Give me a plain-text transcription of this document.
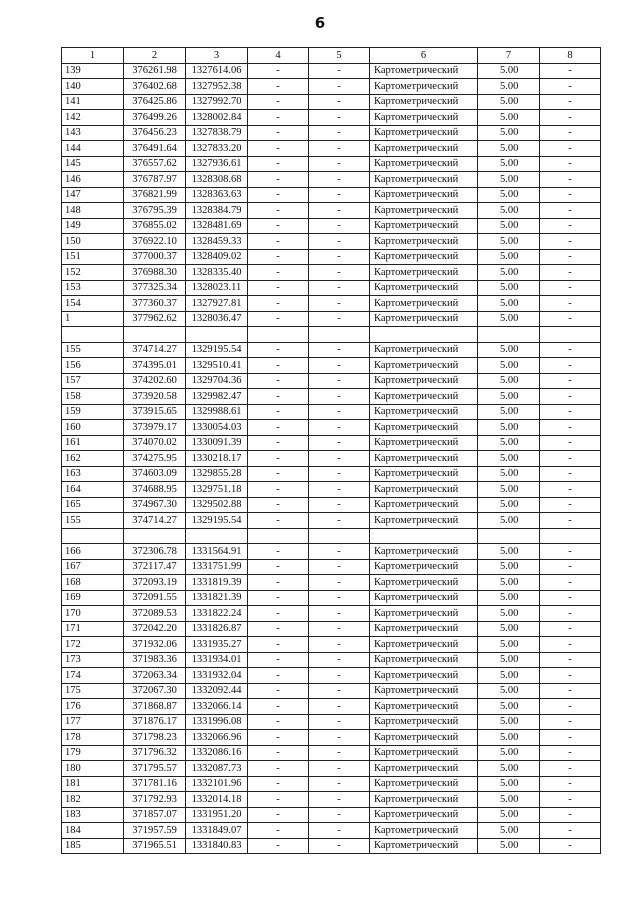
6
1	2	3	4	5	6	7	8
139	376261.98	1327614.06	-	-	Картометрический	5.00	-
140	376402.68	1327952.38	-	-	Картометрический	5.00	-
141	376425.86	1327992.70	-	-	Картометрический	5.00	-
142	376499.26	1328002.84	-	-	Картометрический	5.00	-
143	376456.23	1327838.79	-	-	Картометрический	5.00	-
144	376491.64	1327833.20	-	-	Картометрический	5.00	-
145	376557.62	1327936.61	-	-	Картометрический	5.00	-
146	376787.97	1328308.68	-	-	Картометрический	5.00	-
147	376821.99	1328363.63	-	-	Картометрический	5.00	-
148	376795.39	1328384.79	-	-	Картометрический	5.00	-
149	376855.02	1328481.69	-	-	Картометрический	5.00	-
150	376922.10	1328459.33	-	-	Картометрический	5.00	-
151	377000.37	1328409.02	-	-	Картометрический	5.00	-
152	376988.30	1328335.40	-	-	Картометрический	5.00	-
153	377325.34	1328023.11	-	-	Картометрический	5.00	-
154	377360.37	1327927.81	-	-	Картометрический	5.00	-
1	377962.62	1328036.47	-	-	Картометрический	5.00	-

155	374714.27	1329195.54	-	-	Картометрический	5.00	-
156	374395.01	1329510.41	-	-	Картометрический	5.00	-
157	374202.60	1329704.36	-	-	Картометрический	5.00	-
158	373920.58	1329982.47	-	-	Картометрический	5.00	-
159	373915.65	1329988.61	-	-	Картометрический	5.00	-
160	373979.17	1330054.03	-	-	Картометрический	5.00	-
161	374070.02	1330091.39	-	-	Картометрический	5.00	-
162	374275.95	1330218.17	-	-	Картометрический	5.00	-
163	374603.09	1329855.28	-	-	Картометрический	5.00	-
164	374688.95	1329751.18	-	-	Картометрический	5.00	-
165	374967.30	1329502.88	-	-	Картометрический	5.00	-
155	374714.27	1329195.54	-	-	Картометрический	5.00	-

166	372306.78	1331564.91	-	-	Картометрический	5.00	-
167	372117.47	1331751.99	-	-	Картометрический	5.00	-
168	372093.19	1331819.39	-	-	Картометрический	5.00	-
169	372091.55	1331821.39	-	-	Картометрический	5.00	-
170	372089.53	1331822.24	-	-	Картометрический	5.00	-
171	372042.20	1331826.87	-	-	Картометрический	5.00	-
172	371932.06	1331935.27	-	-	Картометрический	5.00	-
173	371983.36	1331934.01	-	-	Картометрический	5.00	-
174	372063.34	1331932.04	-	-	Картометрический	5.00	-
175	372067.30	1332092.44	-	-	Картометрический	5.00	-
176	371868.87	1332066.14	-	-	Картометрический	5.00	-
177	371876.17	1331996.08	-	-	Картометрический	5.00	-
178	371798.23	1332066.96	-	-	Картометрический	5.00	-
179	371796.32	1332086.16	-	-	Картометрический	5.00	-
180	371795.57	1332087.73	-	-	Картометрический	5.00	-
181	371781.16	1332101.96	-	-	Картометрический	5.00	-
182	371792.93	1332014.18	-	-	Картометрический	5.00	-
183	371857.07	1331951.20	-	-	Картометрический	5.00	-
184	371957.59	1331849.07	-	-	Картометрический	5.00	-
185	371965.51	1331840.83	-	-	Картометрический	5.00	-
